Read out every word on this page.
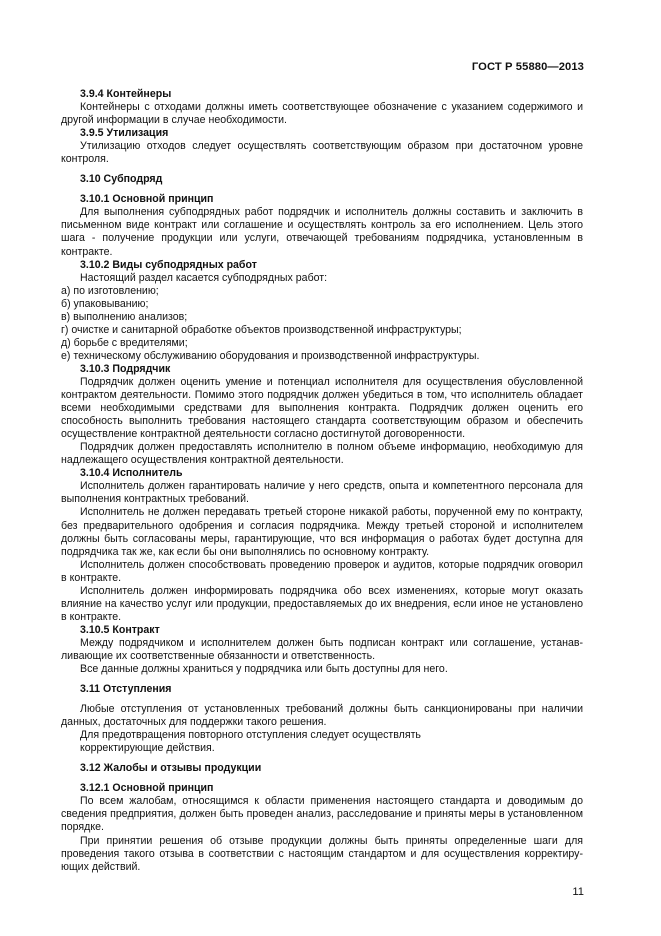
ГОСТ Р 55880—2013

3.9.4 Контейнеры

Контейнеры с отходами должны иметь соответствующее обозначение с указанием содержимого и другой информации в случае необходимости.

3.9.5 Утилизация

Утилизацию отходов следует осуществлять соответствующим образом при достаточном уровне контроля.

3.10 Субподряд

3.10.1 Основной принцип

Для выполнения субподрядных работ подрядчик и исполнитель должны составить и заключить в письменном виде контракт или соглашение и осуществлять контроль за его исполнением. Цель этого шага - получение продукции или услуги, отвечающей требованиям подрядчика, установленным в контракте.

3.10.2 Виды субподрядных работ

Настоящий раздел касается субподрядных работ:

а) по изготовлению;

б) упаковыванию;

в) выполнению анализов;

г) очистке и санитарной обработке объектов производственной инфраструктуры;

д) борьбе с вредителями;

е) техническому обслуживанию оборудования и производственной инфраструктуры.

3.10.3 Подрядчик

Подрядчик должен оценить умение и потенциал исполнителя для осуществления обусловленной контрактом деятельности. Помимо этого подрядчик должен убедиться в том, что исполнитель обладает всеми необходимыми средствами для выполнения контракта. Подрядчик должен оценить его способность выполнить требования настоящего стандарта соответствующим образом и обеспечить осуществление контрактной деятельности согласно достигнутой договоренности.

Подрядчик должен предоставлять исполнителю в полном объеме информацию, необходимую для надлежащего осуществления контрактной деятельности.

3.10.4 Исполнитель

Исполнитель должен гарантировать наличие у него средств, опыта и компетентного персонала для выполнения контрактных требований.

Исполнитель не должен передавать третьей стороне никакой работы, порученной ему по контракту, без предварительного одобрения и согласия подрядчика. Между третьей стороной и исполнителем должны быть согласованы меры, гарантирующие, что вся информация о работах будет доступна для подрядчика так же, как если бы они выполнялись по основному контракту.

Исполнитель должен способствовать проведению проверок и аудитов, которые подрядчик оговорил в контракте.

Исполнитель должен информировать подрядчика обо всех изменениях, которые могут оказать влияние на качество услуг или продукции, предоставляемых до их внедрения, если иное не установлено в контракте.

3.10.5 Контракт

Между подрядчиком и исполнителем должен быть подписан контракт или соглашение, устанавливающие их соответственные обязанности и ответственность.

Все данные должны храниться у подрядчика или быть доступны для него.

3.11 Отступления

Любые отступления от установленных требований должны быть санкционированы при наличии данных, достаточных для поддержки такого решения.

Для предотвращения повторного отступления следует осуществлять

корректирующие действия.

3.12 Жалобы и отзывы продукции

3.12.1 Основной принцип

По всем жалобам, относящимся к области применения настоящего стандарта и доводимым до сведения предприятия, должен быть проведен анализ, расследование и приняты меры в установленном порядке.

При принятии решения об отзыве продукции должны быть приняты определенные шаги для проведения такого отзыва в соответствии с настоящим стандартом и для осуществления корректирующих действий.

11
